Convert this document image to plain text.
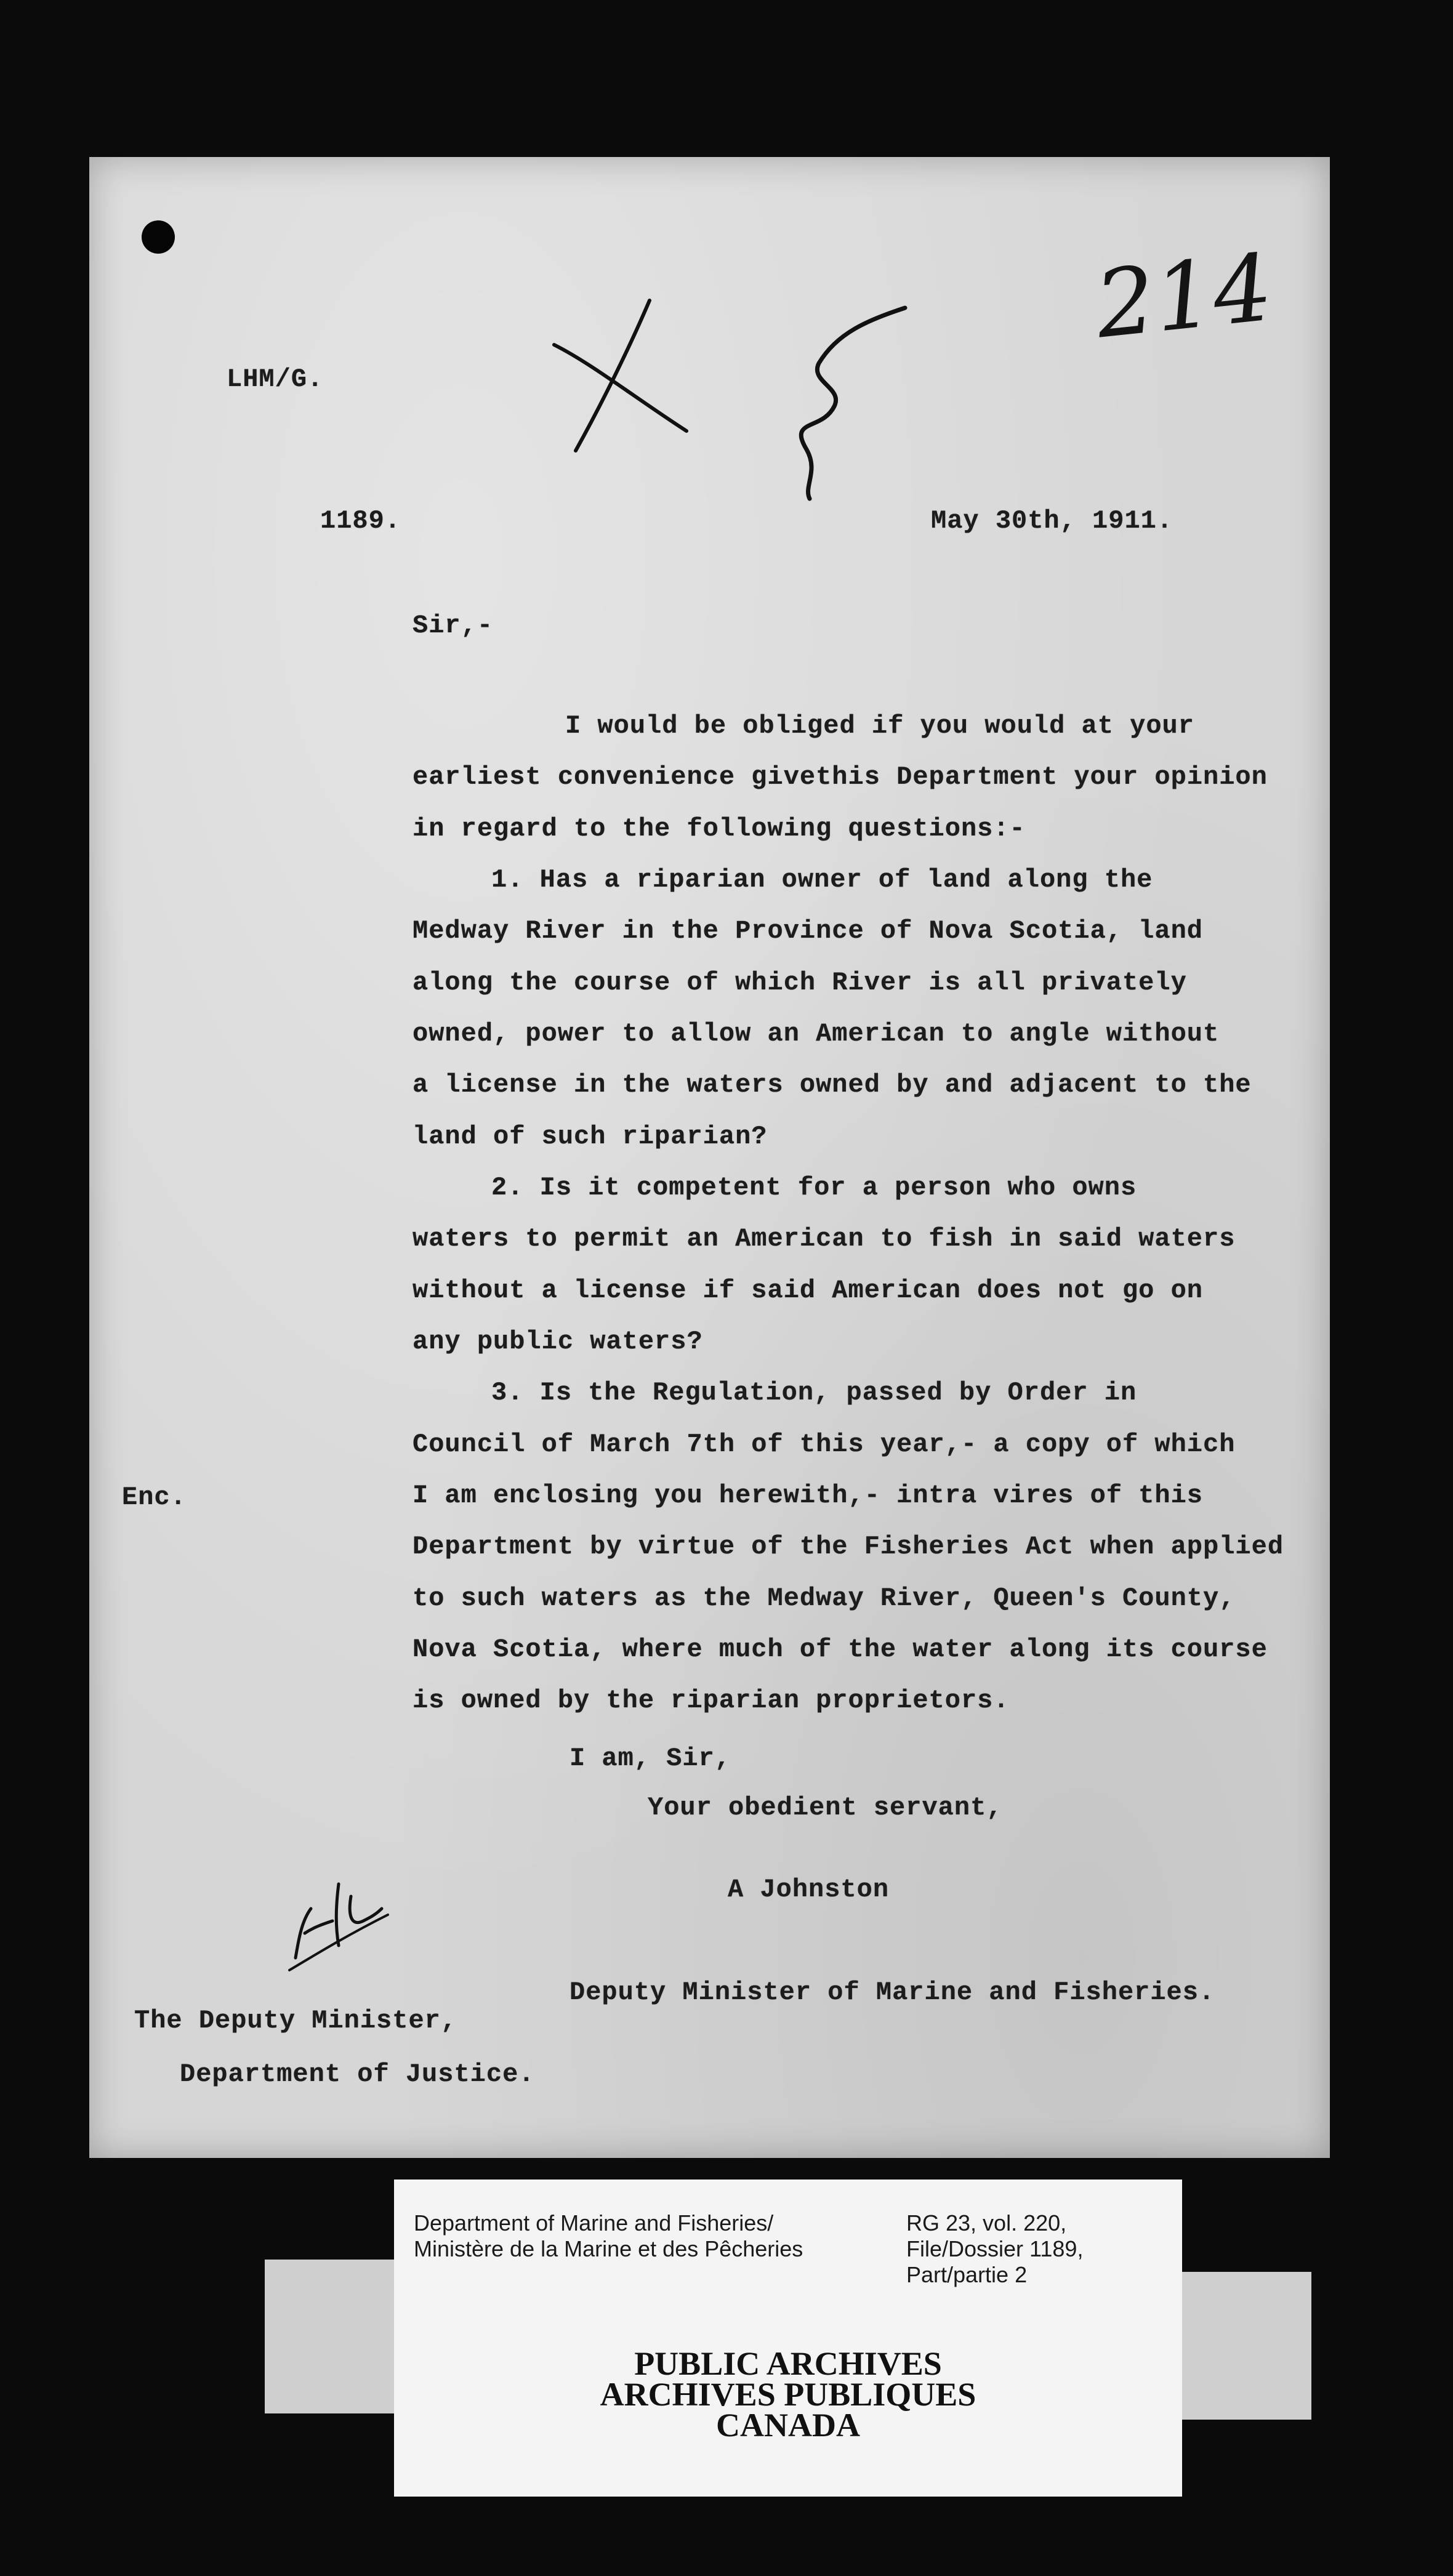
LHM/G.
1189.	May 30th, 1911.
214
Sir,-
I would be obliged if you would at your
earliest convenience givethis Department your opinion
in regard to the following questions:-
1. Has a riparian owner of land along the
Medway River in the Province of Nova Scotia, land
along the course of which River is all privately
owned, power to allow an American to angle without
a license in the waters owned by and adjacent to the
land of such riparian?
2. Is it competent for a person who owns
waters to permit an American to fish in said waters
without a license if said American does not go on
any public waters?
3. Is the Regulation, passed by Order in
Council of March 7th of this year,- a copy of which
I am enclosing you herewith,- intra vires of this
Department by virtue of the Fisheries Act when applied
to such waters as the Medway River, Queen's County,
Nova Scotia, where much of the water along its course
is owned by the riparian proprietors.
Enc.
I am, Sir,
Your obedient servant,
A Johnston
Deputy Minister of Marine and Fisheries.
The Deputy Minister,
Department of Justice.
Department of Marine and Fisheries/
Ministère de la Marine et des Pêcheries
RG 23, vol. 220,
File/Dossier 1189,
Part/partie 2
PUBLIC ARCHIVES
ARCHIVES PUBLIQUES
CANADA
